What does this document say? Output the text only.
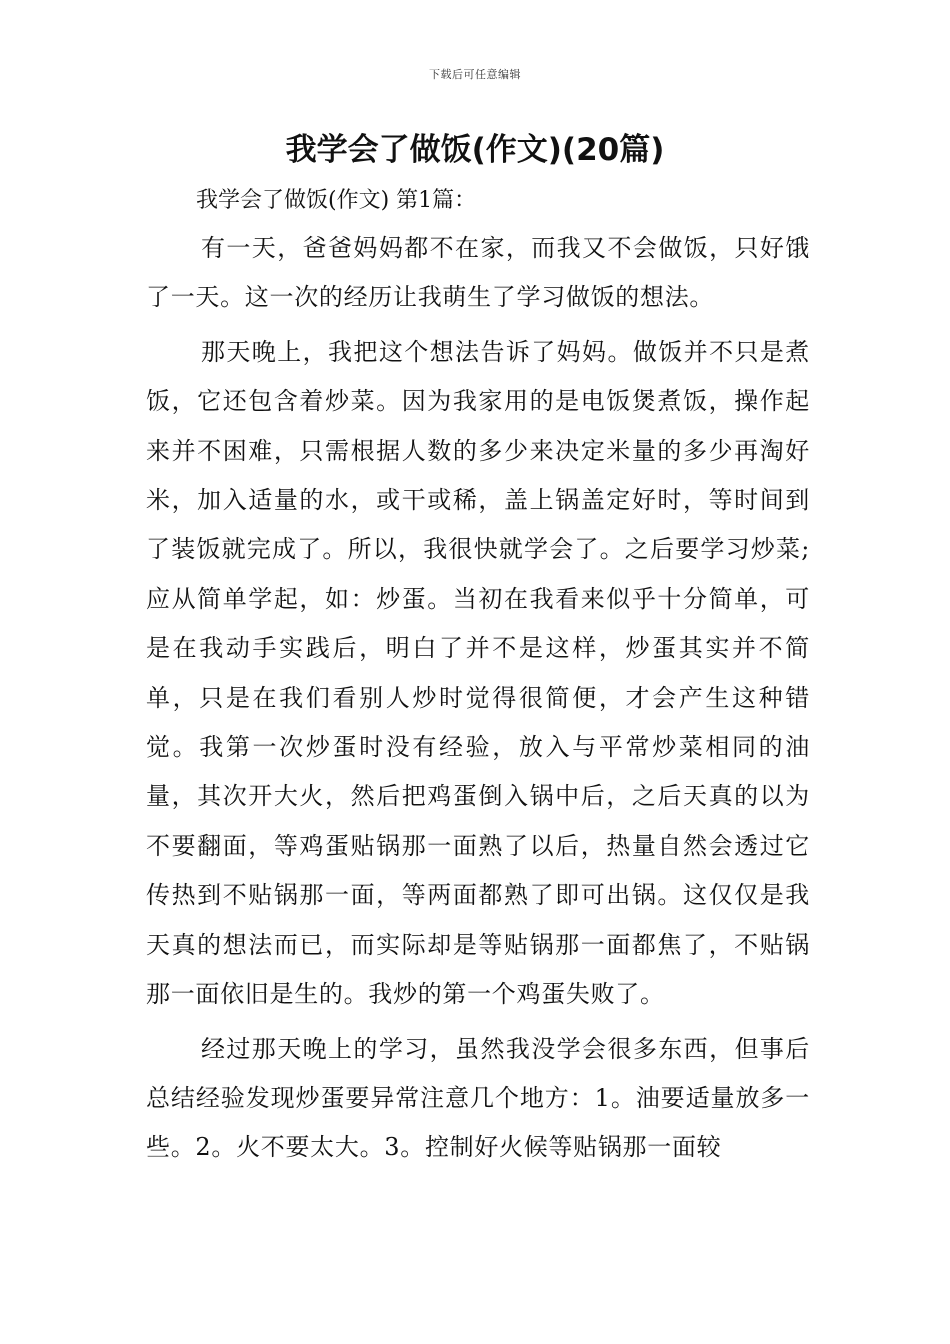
下载后可任意编辑
我学会了做饭(作文)(20篇)

我学会了做饭(作文) 第1篇：

有一天，爸爸妈妈都不在家，而我又不会做饭，只好饿了一天。这一次的经历让我萌生了学习做饭的想法。

那天晚上，我把这个想法告诉了妈妈。做饭并不只是煮饭，它还包含着炒菜。因为我家用的是电饭煲煮饭，操作起来并不困难，只需根据人数的多少来决定米量的多少再淘好米，加入适量的水，或干或稀，盖上锅盖定好时，等时间到了装饭就完成了。所以，我很快就学会了。之后要学习炒菜;应从简单学起，如：炒蛋。当初在我看来似乎十分简单，可是在我动手实践后，明白了并不是这样，炒蛋其实并不简单，只是在我们看别人炒时觉得很简便，才会产生这种错觉。我第一次炒蛋时没有经验，放入与平常炒菜相同的油量，其次开大火，然后把鸡蛋倒入锅中后，之后天真的以为不要翻面，等鸡蛋贴锅那一面熟了以后，热量自然会透过它传热到不贴锅那一面，等两面都熟了即可出锅。这仅仅是我天真的想法而已，而实际却是等贴锅那一面都焦了，不贴锅那一面依旧是生的。我炒的第一个鸡蛋失败了。

经过那天晚上的学习，虽然我没学会很多东西，但事后总结经验发现炒蛋要异常注意几个地方：1。油要适量放多一些。2。火不要太大。3。控制好火候等贴锅那一面较
